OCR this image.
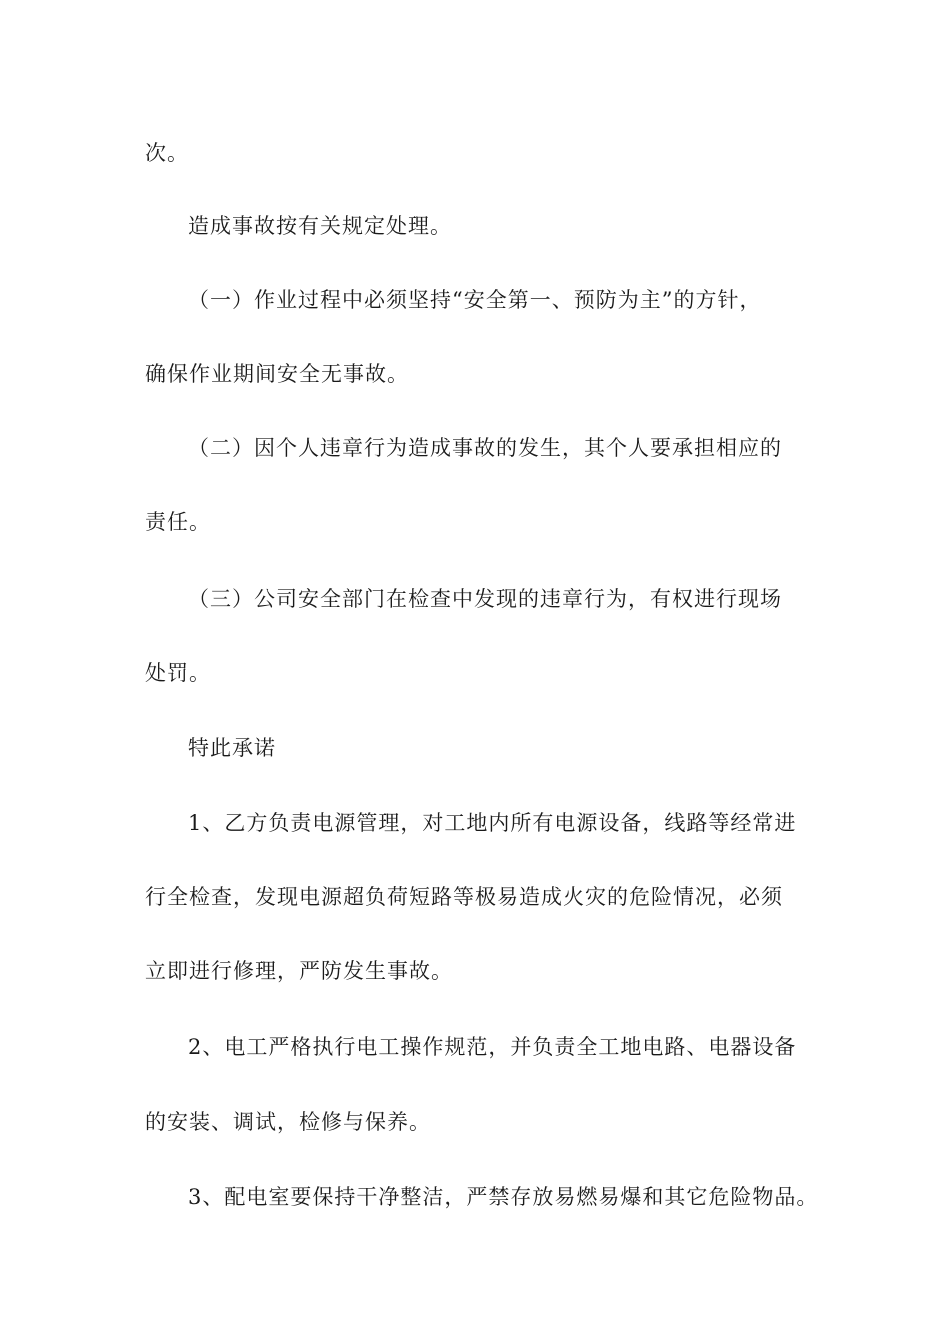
次。
造成事故按有关规定处理。
（一）作业过程中必须坚持“安全第一、预防为主”的方针，
确保作业期间安全无事故。
（二）因个人违章行为造成事故的发生，其个人要承担相应的
责任。
（三）公司安全部门在检查中发现的违章行为，有权进行现场
处罚。
特此承诺
1、乙方负责电源管理，对工地内所有电源设备，线路等经常进
行全检查，发现电源超负荷短路等极易造成火灾的危险情况，必须
立即进行修理，严防发生事故。
2、电工严格执行电工操作规范，并负责全工地电路、电器设备
的安装、调试，检修与保养。
3、配电室要保持干净整洁，严禁存放易燃易爆和其它危险物品。
